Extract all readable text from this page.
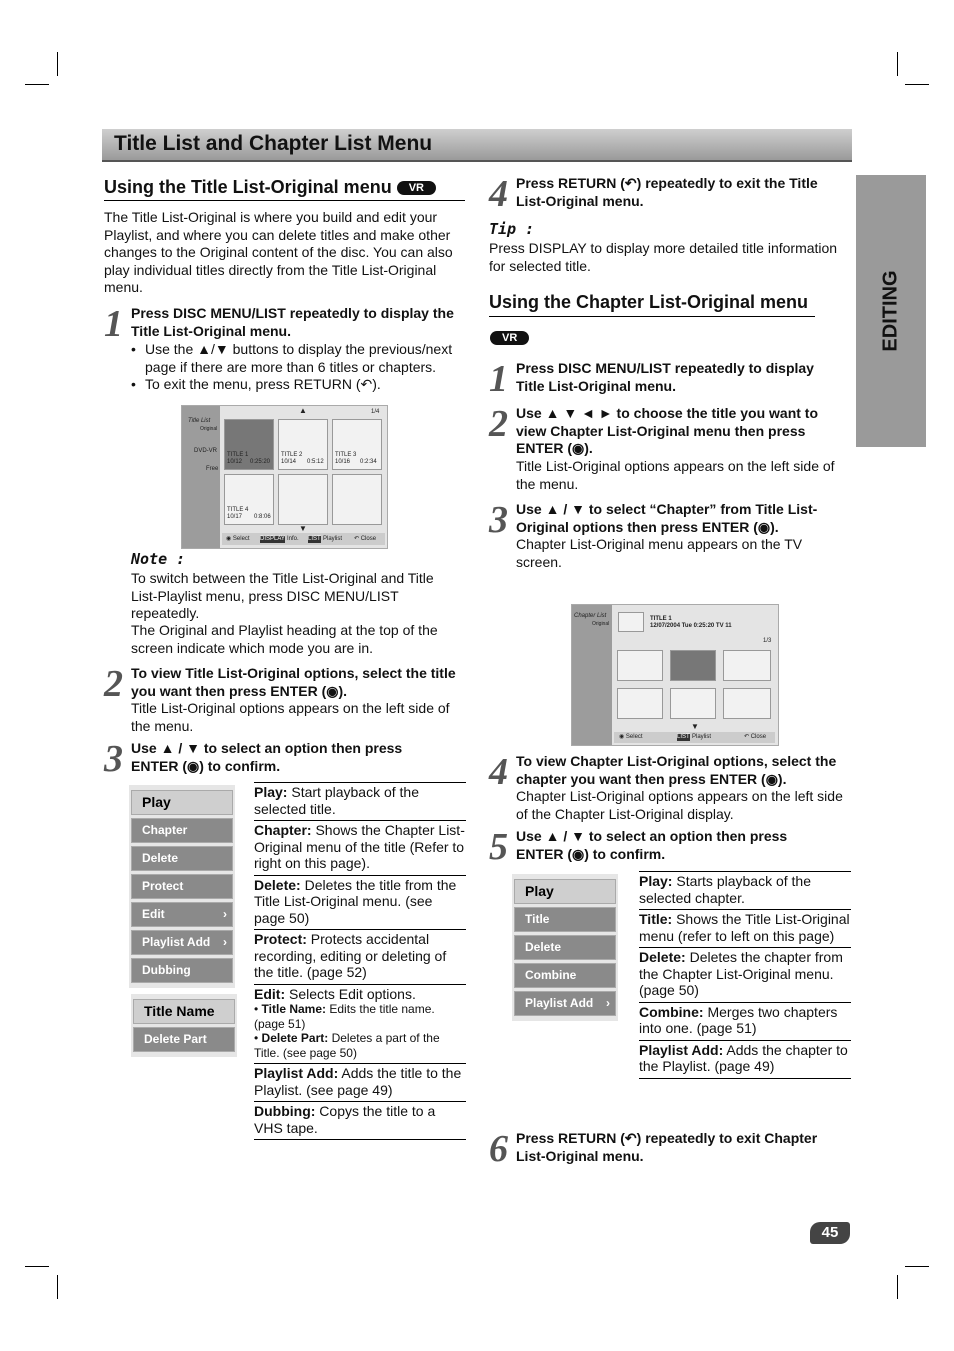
Title List and Chapter List Menu
EDITING
Using the Title List-Original menu VR
The Title List-Original is where you build and edit your Playlist, and where you can delete titles and make other changes to the Original content of the disc. You can also play individual titles directly from the Title List-Original menu.
1 Press DISC MENU/LIST repeatedly to display the Title List-Original menu.
• Use the ▲/▼ buttons to display the previous/next page if there are more than 6 titles or chapters.
• To exit the menu, press RETURN (↶).
Title List
Original
DVD-VR
Free
1/4
▲
TITLE 1
10/12 0:25:20
TITLE 2
10/14 0:5:12
TITLE 3
10/16 0:2:34
TITLE 4
10/17 0:8:06
▼
◉ Select DISPLAY Info. LIST Playlist ↶ Close
Note :
To switch between the Title List-Original and Title List-Playlist menu, press DISC MENU/LIST repeatedly.
The Original and Playlist heading at the top of the screen indicate which mode you are in.
2 To view Title List-Original options, select the title you want then press ENTER (◉).
Title List-Original options appears on the left side of the menu.
3 Use ▲ / ▼ to select an option then press ENTER (◉) to confirm.
Play
Chapter
Delete
Protect
Edit	›
Playlist Add ›
Dubbing
Title Name
Delete Part
Play: Start playback of the selected title.
Chapter: Shows the Chapter List-Original menu of the title (Refer to right on this page).
Delete: Deletes the title from the Title List-Original menu. (see page 50)
Protect: Protects accidental recording, editing or deleting of the title. (page 52)
Edit: Selects Edit options.
• Title Name: Edits the title name. (page 51)
• Delete Part: Deletes a part of the Title. (see page 50)
Playlist Add: Adds the title to the Playlist. (see page 49)
Dubbing: Copys the title to a VHS tape.
4 Press RETURN (↶) repeatedly to exit the Title List-Original menu.
Tip :
Press DISPLAY to display more detailed title information for selected title.
Using the Chapter List-Original menu
VR
1 Press DISC MENU/LIST repeatedly to display Title List-Original menu.
2 Use ▲ ▼ ◄ ► to choose the title you want to view Chapter List-Original menu then press ENTER (◉).
Title List-Original options appears on the left side of the menu.
3 Use ▲ / ▼ to select “Chapter” from Title List-Original options then press ENTER (◉).
Chapter List-Original menu appears on the TV screen.
Chapter List
Original
TITLE 1
12/07/2004 Tue 0:25:20 TV 11
1/3
▼
◉ Select	LIST Playlist	↶ Close
4 To view Chapter List-Original options, select the chapter you want then press ENTER (◉).
Chapter List-Original options appears on the left side of the Chapter List-Original display.
5 Use ▲ / ▼ to select an option then press ENTER (◉) to confirm.
Play
Title
Delete
Combine
Playlist Add ›
Play: Starts playback of the selected chapter.
Title: Shows the Title List-Original menu (refer to left on this page)
Delete: Deletes the chapter from the Chapter List-Original menu. (page 50)
Combine: Merges two chapters into one. (page 51)
Playlist Add: Adds the chapter to the Playlist. (page 49)
6 Press RETURN (↶) repeatedly to exit Chapter List-Original menu.
45
